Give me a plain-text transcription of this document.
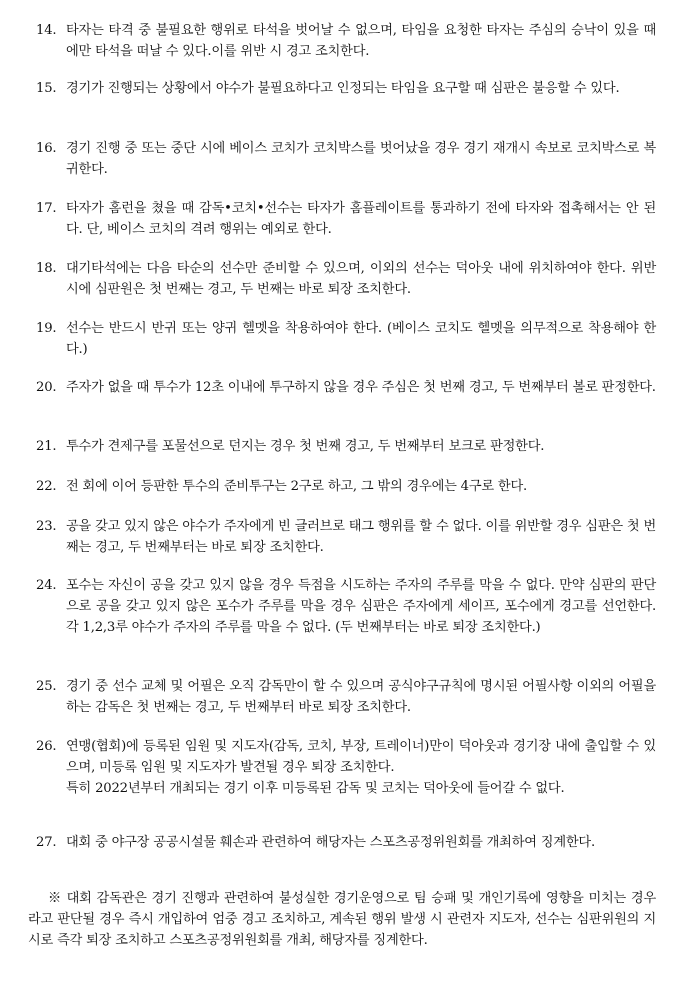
14. 타자는 타격 중 불필요한 행위로 타석을 벗어날 수 없으며, 타임을 요청한 타자는 주심의 승낙이 있을 때에만 타석을 떠날 수 있다.이를 위반 시 경고 조치한다.
15. 경기가 진행되는 상황에서 야수가 불필요하다고 인정되는 타임을 요구할 때 심판은 불응할 수 있다.
16. 경기 진행 중 또는 중단 시에 베이스 코치가 코치박스를 벗어났을 경우 경기 재개시 속보로 코치박스로 복귀한다.
17. 타자가 홈런을 쳤을 때 감독•코치•선수는 타자가 홈플레이트를 통과하기 전에 타자와 접촉해서는 안 된다. 단, 베이스 코치의 격려 행위는 예외로 한다.
18. 대기타석에는 다음 타순의 선수만 준비할 수 있으며, 이외의 선수는 덕아웃 내에 위치하여야 한다. 위반 시에 심판원은 첫 번째는 경고, 두 번째는 바로 퇴장 조치한다.
19. 선수는 반드시 반귀 또는 양귀 헬멧을 착용하여야 한다. (베이스 코치도 헬멧을 의무적으로 착용해야 한다.)
20. 주자가 없을 때 투수가 12초 이내에 투구하지 않을 경우 주심은 첫 번째 경고, 두 번째부터 볼로 판정한다.
21. 투수가 견제구를 포물선으로 던지는 경우 첫 번째 경고, 두 번째부터 보크로 판정한다.
22. 전 회에 이어 등판한 투수의 준비투구는 2구로 하고, 그 밖의 경우에는 4구로 한다.
23. 공을 갖고 있지 않은 야수가 주자에게 빈 글러브로 태그 행위를 할 수 없다. 이를 위반할 경우 심판은 첫 번째는 경고, 두 번째부터는 바로 퇴장 조치한다.
24. 포수는 자신이 공을 갖고 있지 않을 경우 득점을 시도하는 주자의 주루를 막을 수 없다. 만약 심판의 판단으로 공을 갖고 있지 않은 포수가 주루를 막을 경우 심판은 주자에게 세이프, 포수에게 경고를 선언한다. 각 1,2,3루 야수가 주자의 주루를 막을 수 없다. (두 번째부터는 바로 퇴장 조치한다.)
25. 경기 중 선수 교체 및 어필은 오직 감독만이 할 수 있으며 공식야구규칙에 명시된 어필사항 이외의 어필을 하는 감독은 첫 번째는 경고, 두 번째부터 바로 퇴장 조치한다.
26. 연맹(협회)에 등록된 임원 및 지도자(감독, 코치, 부장, 트레이너)만이 덕아웃과 경기장 내에 출입할 수 있으며, 미등록 임원 및 지도자가 발견될 경우 퇴장 조치한다.
특히 2022년부터 개최되는 경기 이후 미등록된 감독 및 코치는 덕아웃에 들어갈 수 없다.
27. 대회 중 야구장 공공시설물 훼손과 관련하여 해당자는 스포츠공정위원회를 개최하여 징계한다.
※ 대회 감독관은 경기 진행과 관련하여 불성실한 경기운영으로 팀 승패 및 개인기록에 영향을 미치는 경우 라고 판단될 경우 즉시 개입하여 엄중 경고 조치하고, 계속된 행위 발생 시 관련자 지도자, 선수는 심판위원의 지시로 즉각 퇴장 조치하고 스포츠공정위원회를 개최, 해당자를 징계한다.
